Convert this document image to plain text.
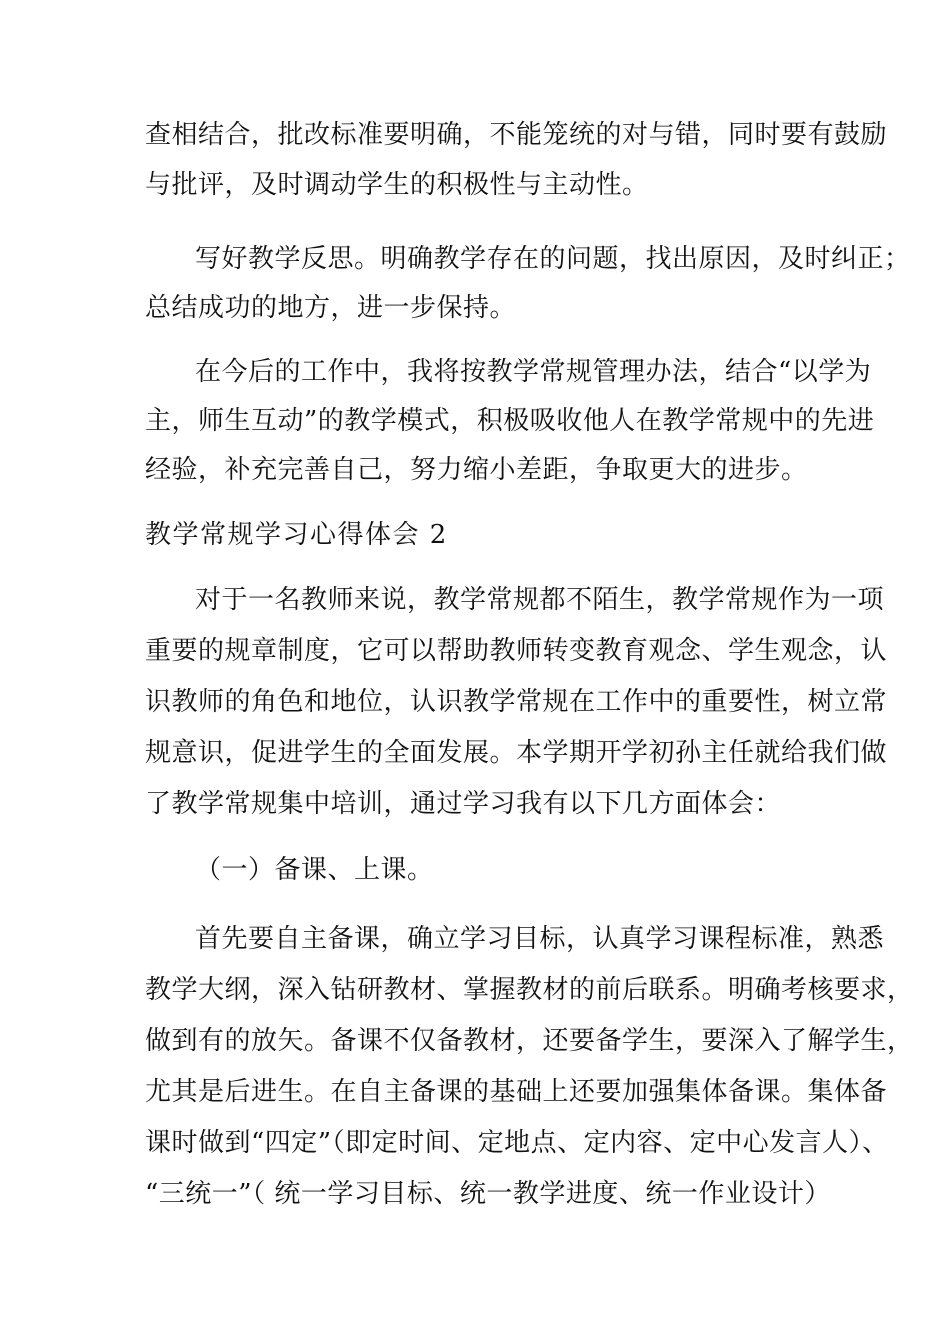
查相结合，批改标准要明确，不能笼统的对与错，同时要有鼓励
与批评，及时调动学生的积极性与主动性。
写好教学反思。明确教学存在的问题，找出原因，及时纠正；
总结成功的地方，进一步保持。
在今后的工作中，我将按教学常规管理办法，结合“以学为
主，师生互动”的教学模式，积极吸收他人在教学常规中的先进
经验，补充完善自己，努力缩小差距，争取更大的进步。
教学常规学习心得体会 2
对于一名教师来说，教学常规都不陌生，教学常规作为一项
重要的规章制度，它可以帮助教师转变教育观念、学生观念，认
识教师的角色和地位，认识教学常规在工作中的重要性，树立常
规意识，促进学生的全面发展。本学期开学初孙主任就给我们做
了教学常规集中培训，通过学习我有以下几方面体会：
（一）备课、上课。
首先要自主备课，确立学习目标，认真学习课程标准，熟悉
教学大纲，深入钻研教材、掌握教材的前后联系。明确考核要求，
做到有的放矢。备课不仅备教材，还要备学生，要深入了解学生，
尤其是后进生。在自主备课的基础上还要加强集体备课。集体备
课时做到“四定”（即定时间、定地点、定内容、定中心发言人）、
“三统一”（ 统一学习目标、统一教学进度、统一作业设计）
